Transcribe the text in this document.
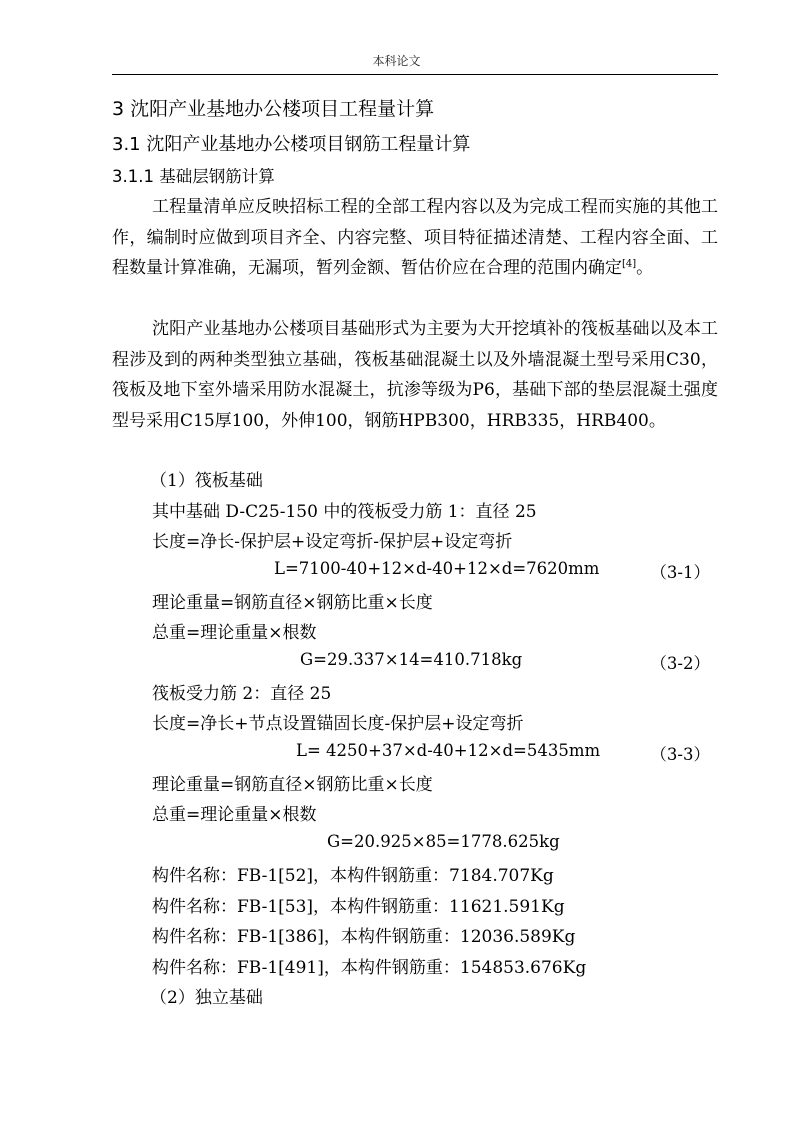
本科论文
3 沈阳产业基地办公楼项目工程量计算
3.1 沈阳产业基地办公楼项目钢筋工程量计算
3.1.1 基础层钢筋计算
工程量清单应反映招标工程的全部工程内容以及为完成工程而实施的其他工作，编制时应做到项目齐全、内容完整、项目特征描述清楚、工程内容全面、工程数量计算准确，无漏项，暂列金额、暂估价应在合理的范围内确定[4]。
沈阳产业基地办公楼项目基础形式为主要为大开挖填补的筏板基础以及本工程涉及到的两种类型独立基础，筏板基础混凝土以及外墙混凝土型号采用C30，筏板及地下室外墙采用防水混凝土，抗渗等级为P6，基础下部的垫层混凝土强度型号采用C15厚100，外伸100，钢筋HPB300，HRB335，HRB400。
（1）筏板基础
其中基础 D-C25-150 中的筏板受力筋 1：直径 25
长度=净长-保护层+设定弯折-保护层+设定弯折
L=7100-40+12×d-40+12×d=7620mm	（3-1）
理论重量=钢筋直径×钢筋比重×长度
总重=理论重量×根数
G=29.337×14=410.718kg	（3-2）
筏板受力筋 2：直径 25
长度=净长+节点设置锚固长度-保护层+设定弯折
L= 4250+37×d-40+12×d=5435mm	（3-3）
理论重量=钢筋直径×钢筋比重×长度
总重=理论重量×根数
G=20.925×85=1778.625kg
构件名称：FB-1[52]，本构件钢筋重：7184.707Kg
构件名称：FB-1[53]，本构件钢筋重：11621.591Kg
构件名称：FB-1[386]，本构件钢筋重：12036.589Kg
构件名称：FB-1[491]，本构件钢筋重：154853.676Kg
（2）独立基础
